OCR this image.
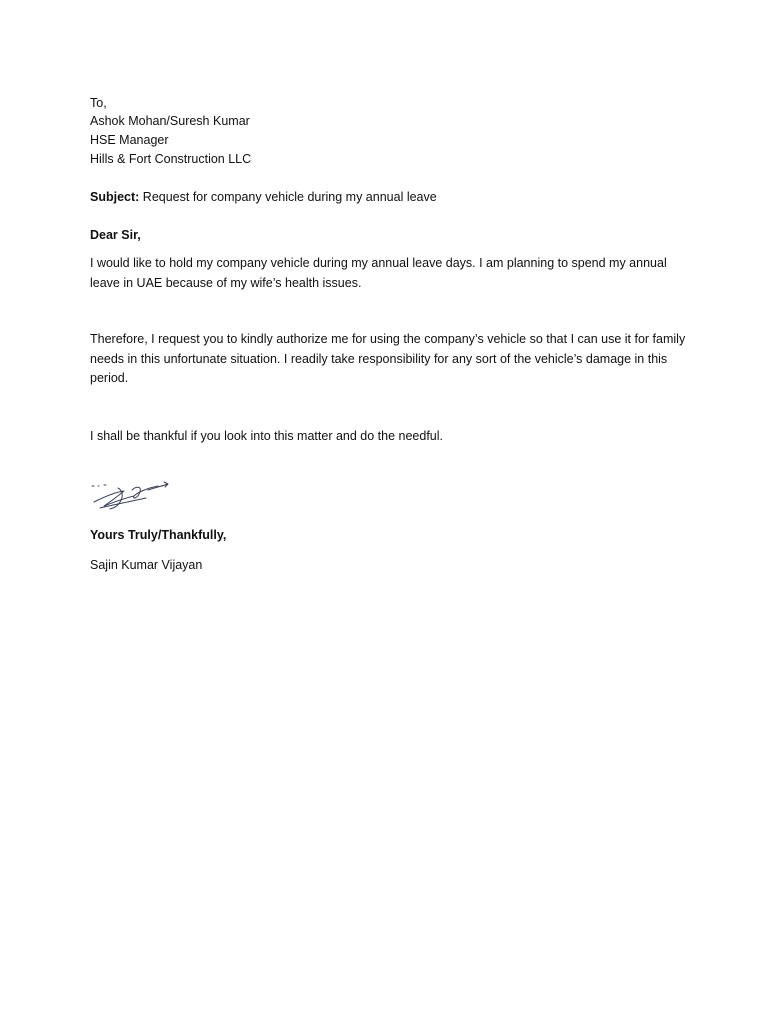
To,
Ashok Mohan/Suresh Kumar
HSE Manager
Hills & Fort Construction LLC
Subject: Request for company vehicle during my annual leave
Dear Sir,
I would like to hold my company vehicle during my annual leave days. I am planning to spend my annual leave in UAE because of my wife’s health issues.
Therefore, I request you to kindly authorize me for using the company’s vehicle so that I can use it for family needs in this unfortunate situation. I readily take responsibility for any sort of the vehicle’s damage in this period.
I shall be thankful if you look into this matter and do the needful.
Yours Truly/Thankfully,
Sajin Kumar Vijayan
